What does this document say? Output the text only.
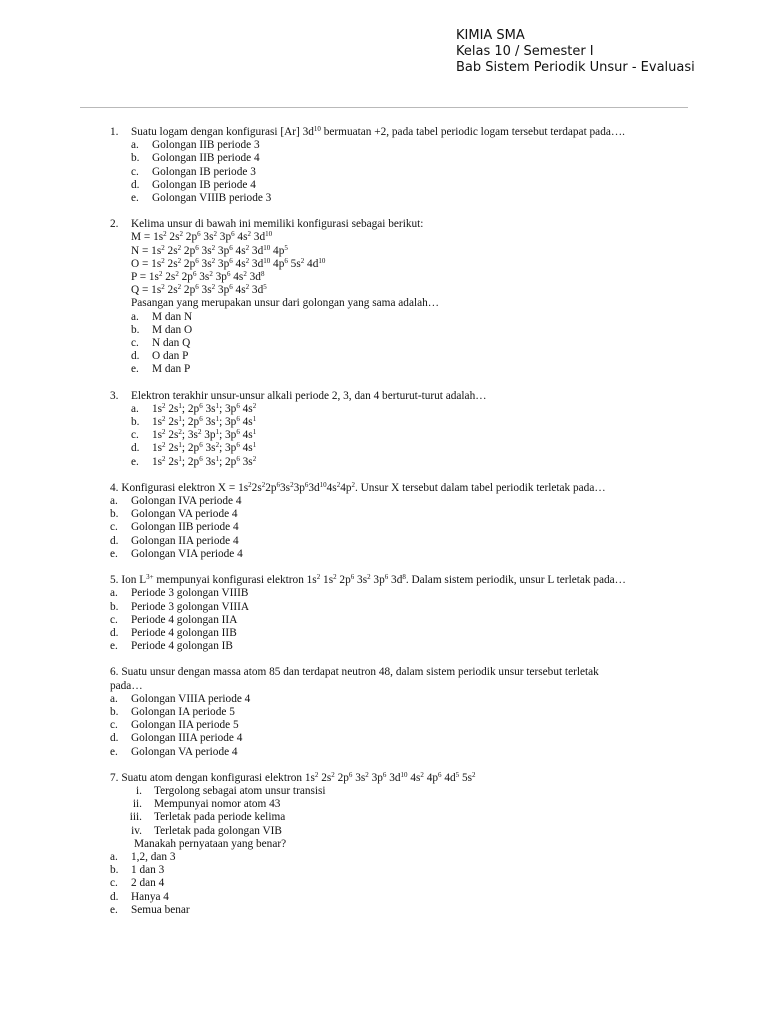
KIMIA SMA
Kelas 10 / Semester I
Bab Sistem Periodik Unsur - Evaluasi
1.	Suatu logam dengan konfigurasi [Ar] $3d^{10}$ bermuatan +2, pada tabel periodic logam tersebut terdapat pada….
a.	Golongan IIB periode 3
b.	Golongan IIB periode 4
c.	Golongan IB periode 3
d.	Golongan IB periode 4
e.	Golongan VIIIB periode 3
2.	Kelima unsur di bawah ini memiliki konfigurasi sebagai berikut:
$M = 1s^2$ $2s^2$ $2p^6$ $3s^2$ $3p^6$ $4s^2$ $3d^{10}$
$N = 1s^2$ $2s^2$ $2p^6$ $3s^2$ $3p^6$ $4s^2$ $3d^{10}$ $4p^5$
$O = 1s^2$ $2s^2$ $2p^6$ $3s^2$ $3p^6$ $4s^2$ $3d^{10}$ $4p^6$ $5s^2$ $4d^{10}$
$P = 1s^2$ $2s^2$ $2p^6$ $3s^2$ $3p^6$ $4s^2$ $3d^8$
$Q = 1s^2$ $2s^2$ $2p^6$ $3s^2$ $3p^6$ $4s^2$ $3d^5$
Pasangan yang merupakan unsur dari golongan yang sama adalah…
a.	M dan N
b.	M dan O
c.	N dan Q
d.	O dan P
e.	M dan P
3.	Elektron terakhir unsur-unsur alkali periode 2, 3, dan 4 berturut-turut adalah…
a.	$1s^2$ $2s^1$; $2p^6$ $3s^1$; $3p^6$ $4s^2$
b.	$1s^2$ $2s^1$; $2p^6$ $3s^1$; $3p^6$ $4s^1$
c.	$1s^2$ $2s^2$; $3s^2$ $3p^1$; $3p^6$ $4s^1$
d.	$1s^2$ $2s^1$; $2p^6$ $3s^2$; $3p^6$ $4s^1$
e.	$1s^2$ $2s^1$; $2p^6$ $3s^1$; $2p^6$ $3s^2$
4. Konfigurasi elektron $X = 1s^22s^22p^63s^23p^63d^{10}4s^24p^2$. Unsur X tersebut dalam tabel periodik terletak pada…
a.	Golongan IVA periode 4
b.	Golongan VA periode 4
c.	Golongan IIB periode 4
d.	Golongan IIA periode 4
e.	Golongan VIA periode 4
5. Ion $L^{3+}$ mempunyai konfigurasi elektron $1s^2$ $1s^2$ $2p^6$ $3s^2$ $3p^6$ $3d^8$. Dalam sistem periodik, unsur L terletak pada…
a.	Periode 3 golongan VIIIB
b.	Periode 3 golongan VIIIA
c.	Periode 4 golongan IIA
d.	Periode 4 golongan IIB
e.	Periode 4 golongan IB
6. Suatu unsur dengan massa atom 85 dan terdapat neutron 48, dalam sistem periodik unsur tersebut terletak
pada…
a.	Golongan VIIIA periode 4
b.	Golongan IA periode 5
c.	Golongan IIA periode 5
d.	Golongan IIIA periode 4
e.	Golongan VA periode 4
7. Suatu atom dengan konfigurasi elektron $1s^2$ $2s^2$ $2p^6$ $3s^2$ $3p^6$ $3d^{10}$ $4s^2$ $4p^6$ $4d^5$ $5s^2$
i.	Tergolong sebagai atom unsur transisi
ii.	Mempunyai nomor atom 43
iii.	Terletak pada periode kelima
iv.	Terletak pada golongan VIB
Manakah pernyataan yang benar?
a.	1,2, dan 3
b.	1 dan 3
c.	2 dan 4
d.	Hanya 4
e.	Semua benar
